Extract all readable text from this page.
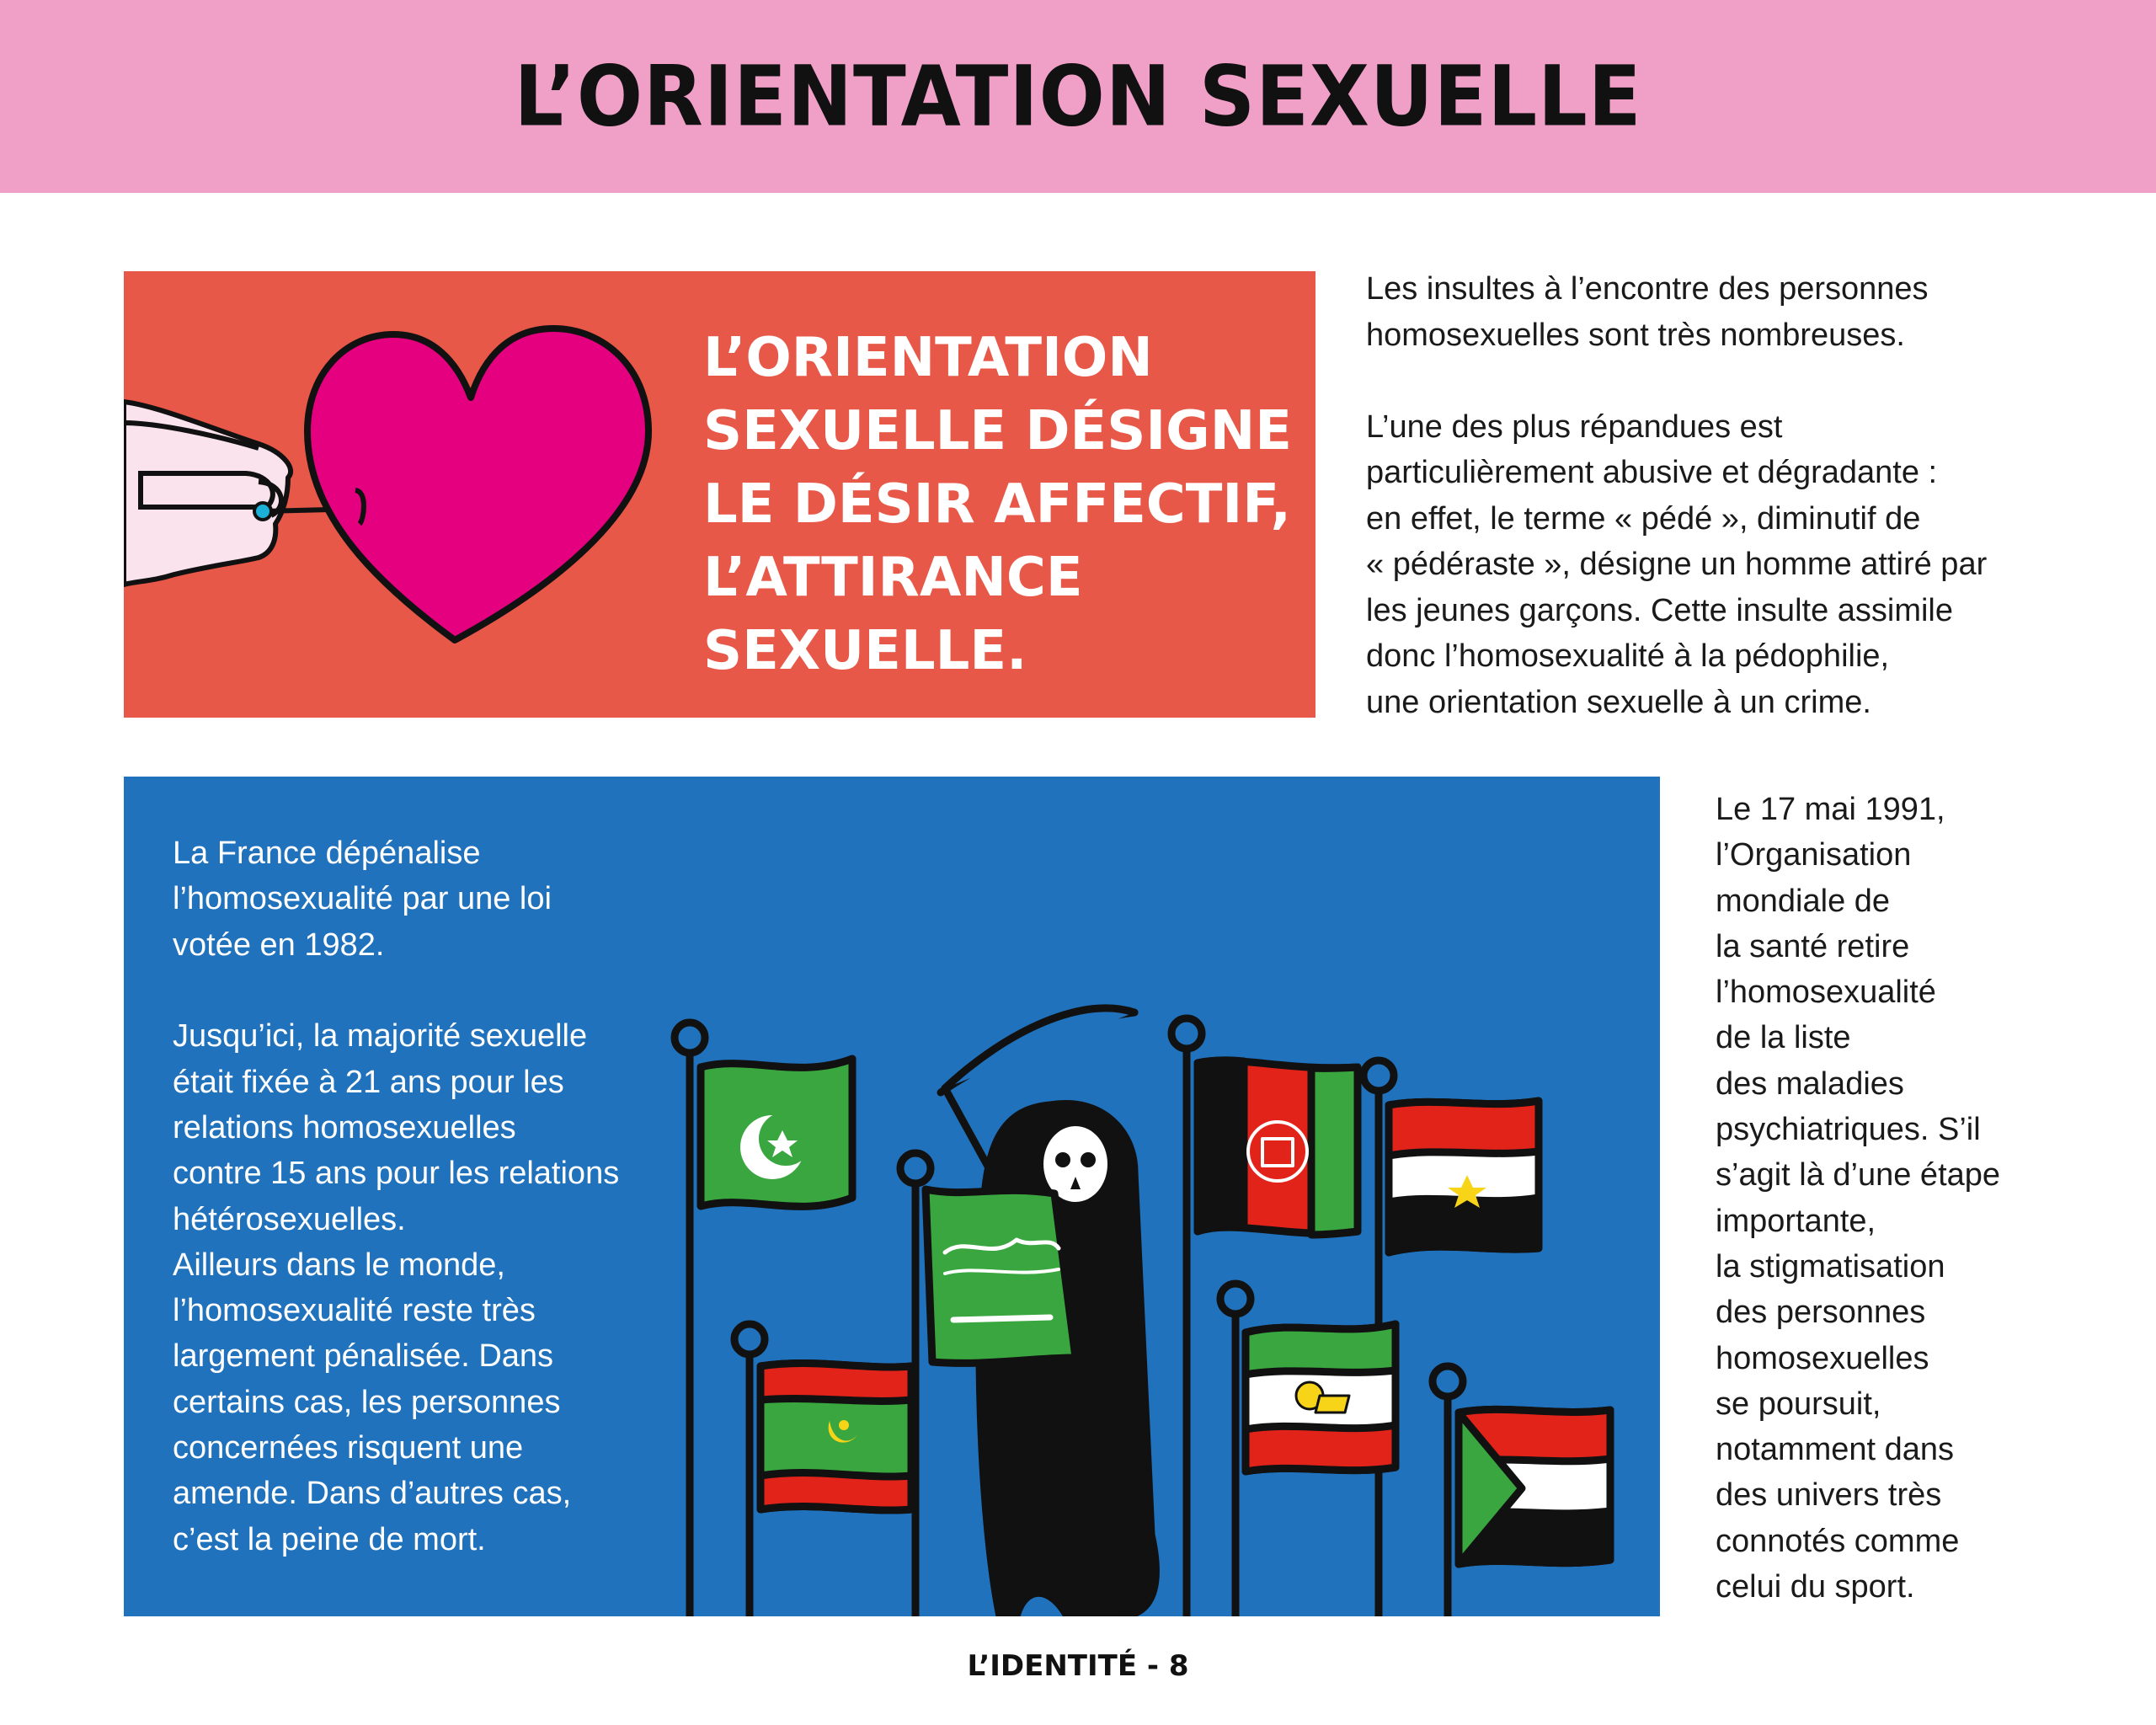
L’ORIENTATION SEXUELLE
L’ORIENTATION
SEXUELLE DÉSIGNE
LE DÉSIR AFFECTIF,
L’ATTIRANCE
SEXUELLE.

Les insultes à l’encontre des personnes

homosexuelles sont très nombreuses.

L’une des plus répandues est

particulièrement abusive et dégradante :

en effet, le terme « pédé », diminutif de

« pédéraste », désigne un homme attiré par

les jeunes garçons. Cette insulte assimile

donc l’homosexualité à la pédophilie,

une orientation sexuelle à un crime.

La France dépénalise

l’homosexualité par une loi

votée en 1982.

Jusqu’ici, la majorité sexuelle

était fixée à 21 ans pour les

relations homosexuelles

contre 15 ans pour les relations

hétérosexuelles.

Ailleurs dans le monde,

l’homosexualité reste très

largement pénalisée. Dans

certains cas, les personnes

concernées risquent une

amende. Dans d’autres cas,

c’est la peine de mort.

Le 17 mai 1991,

l’Organisation

mondiale de

la santé retire

l’homosexualité

de la liste

des maladies

psychiatriques. S’il

s’agit là d’une étape

importante,

la stigmatisation

des personnes

homosexuelles

se poursuit,

notamment dans

des univers très

connotés comme

celui du sport.

L’IDENTITÉ - 8
